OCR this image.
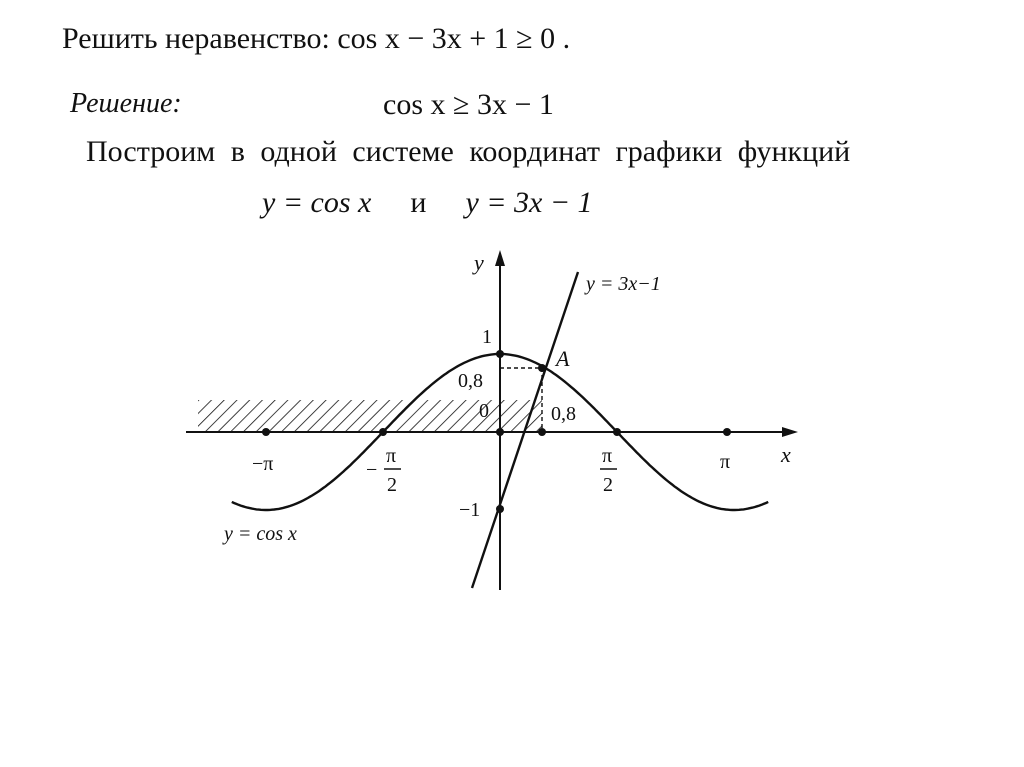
Решить неравенство: cos x − 3x + 1 ≥ 0 .
Решение:	cos x ≥ 3x − 1
Построим в одной системе координат графики функций
y = cos x и y = 3x − 1
y
x
1
0,8
0	0,8
A
y = 3x−1
y = cos x
−π	π
−1
−
π
2
π
2
